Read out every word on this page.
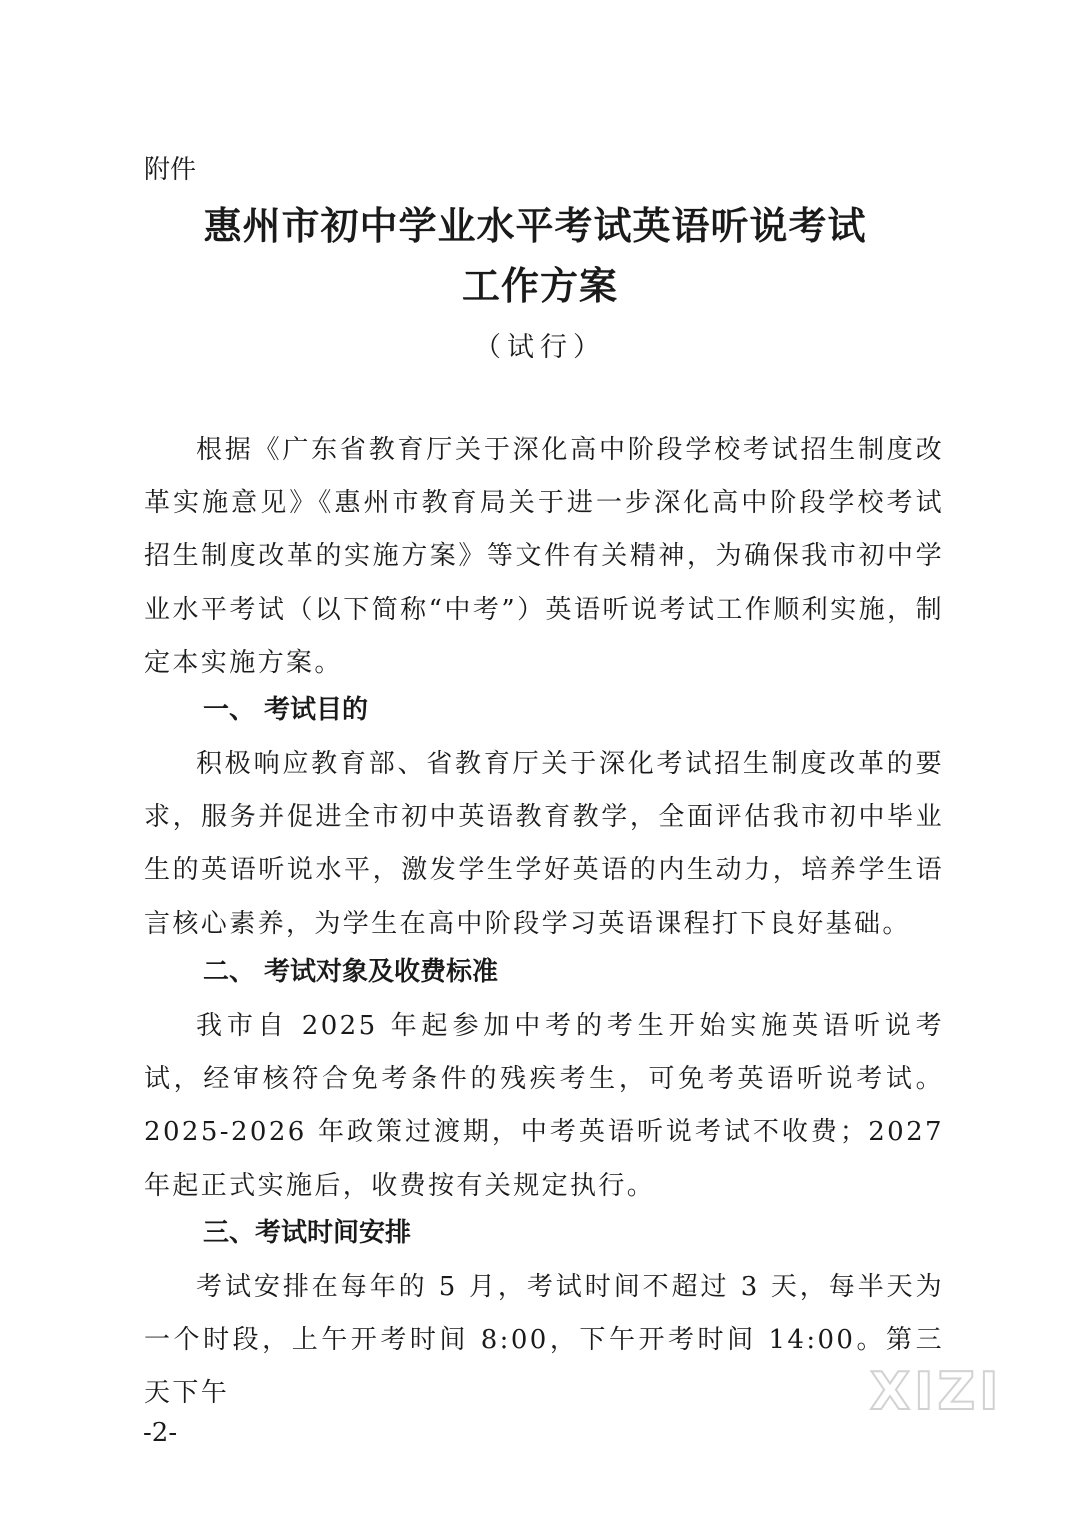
附件
惠州市初中学业水平考试英语听说考试
工作方案
（试行）

根据《广东省教育厅关于深化高中阶段学校考试招生制度改革实施意见》《惠州市教育局关于进一步深化高中阶段学校考试招生制度改革的实施方案》等文件有关精神，为确保我市初中学业水平考试（以下简称“中考”）英语听说考试工作顺利实施，制定本实施方案。

一、 考试目的

积极响应教育部、省教育厅关于深化考试招生制度改革的要求，服务并促进全市初中英语教育教学，全面评估我市初中毕业生的英语听说水平，激发学生学好英语的内生动力，培养学生语言核心素养，为学生在高中阶段学习英语课程打下良好基础。

二、 考试对象及收费标准

我市自 2025 年起参加中考的考生开始实施英语听说考试，经审核符合免考条件的残疾考生，可免考英语听说考试。2025-2026 年政策过渡期，中考英语听说考试不收费；2027 年起正式实施后，收费按有关规定执行。

三、考试时间安排

考试安排在每年的 5 月，考试时间不超过 3 天，每半天为一个时段，上午开考时间 8:00，下午开考时间 14:00。第三天下午

-2-
XIZI
